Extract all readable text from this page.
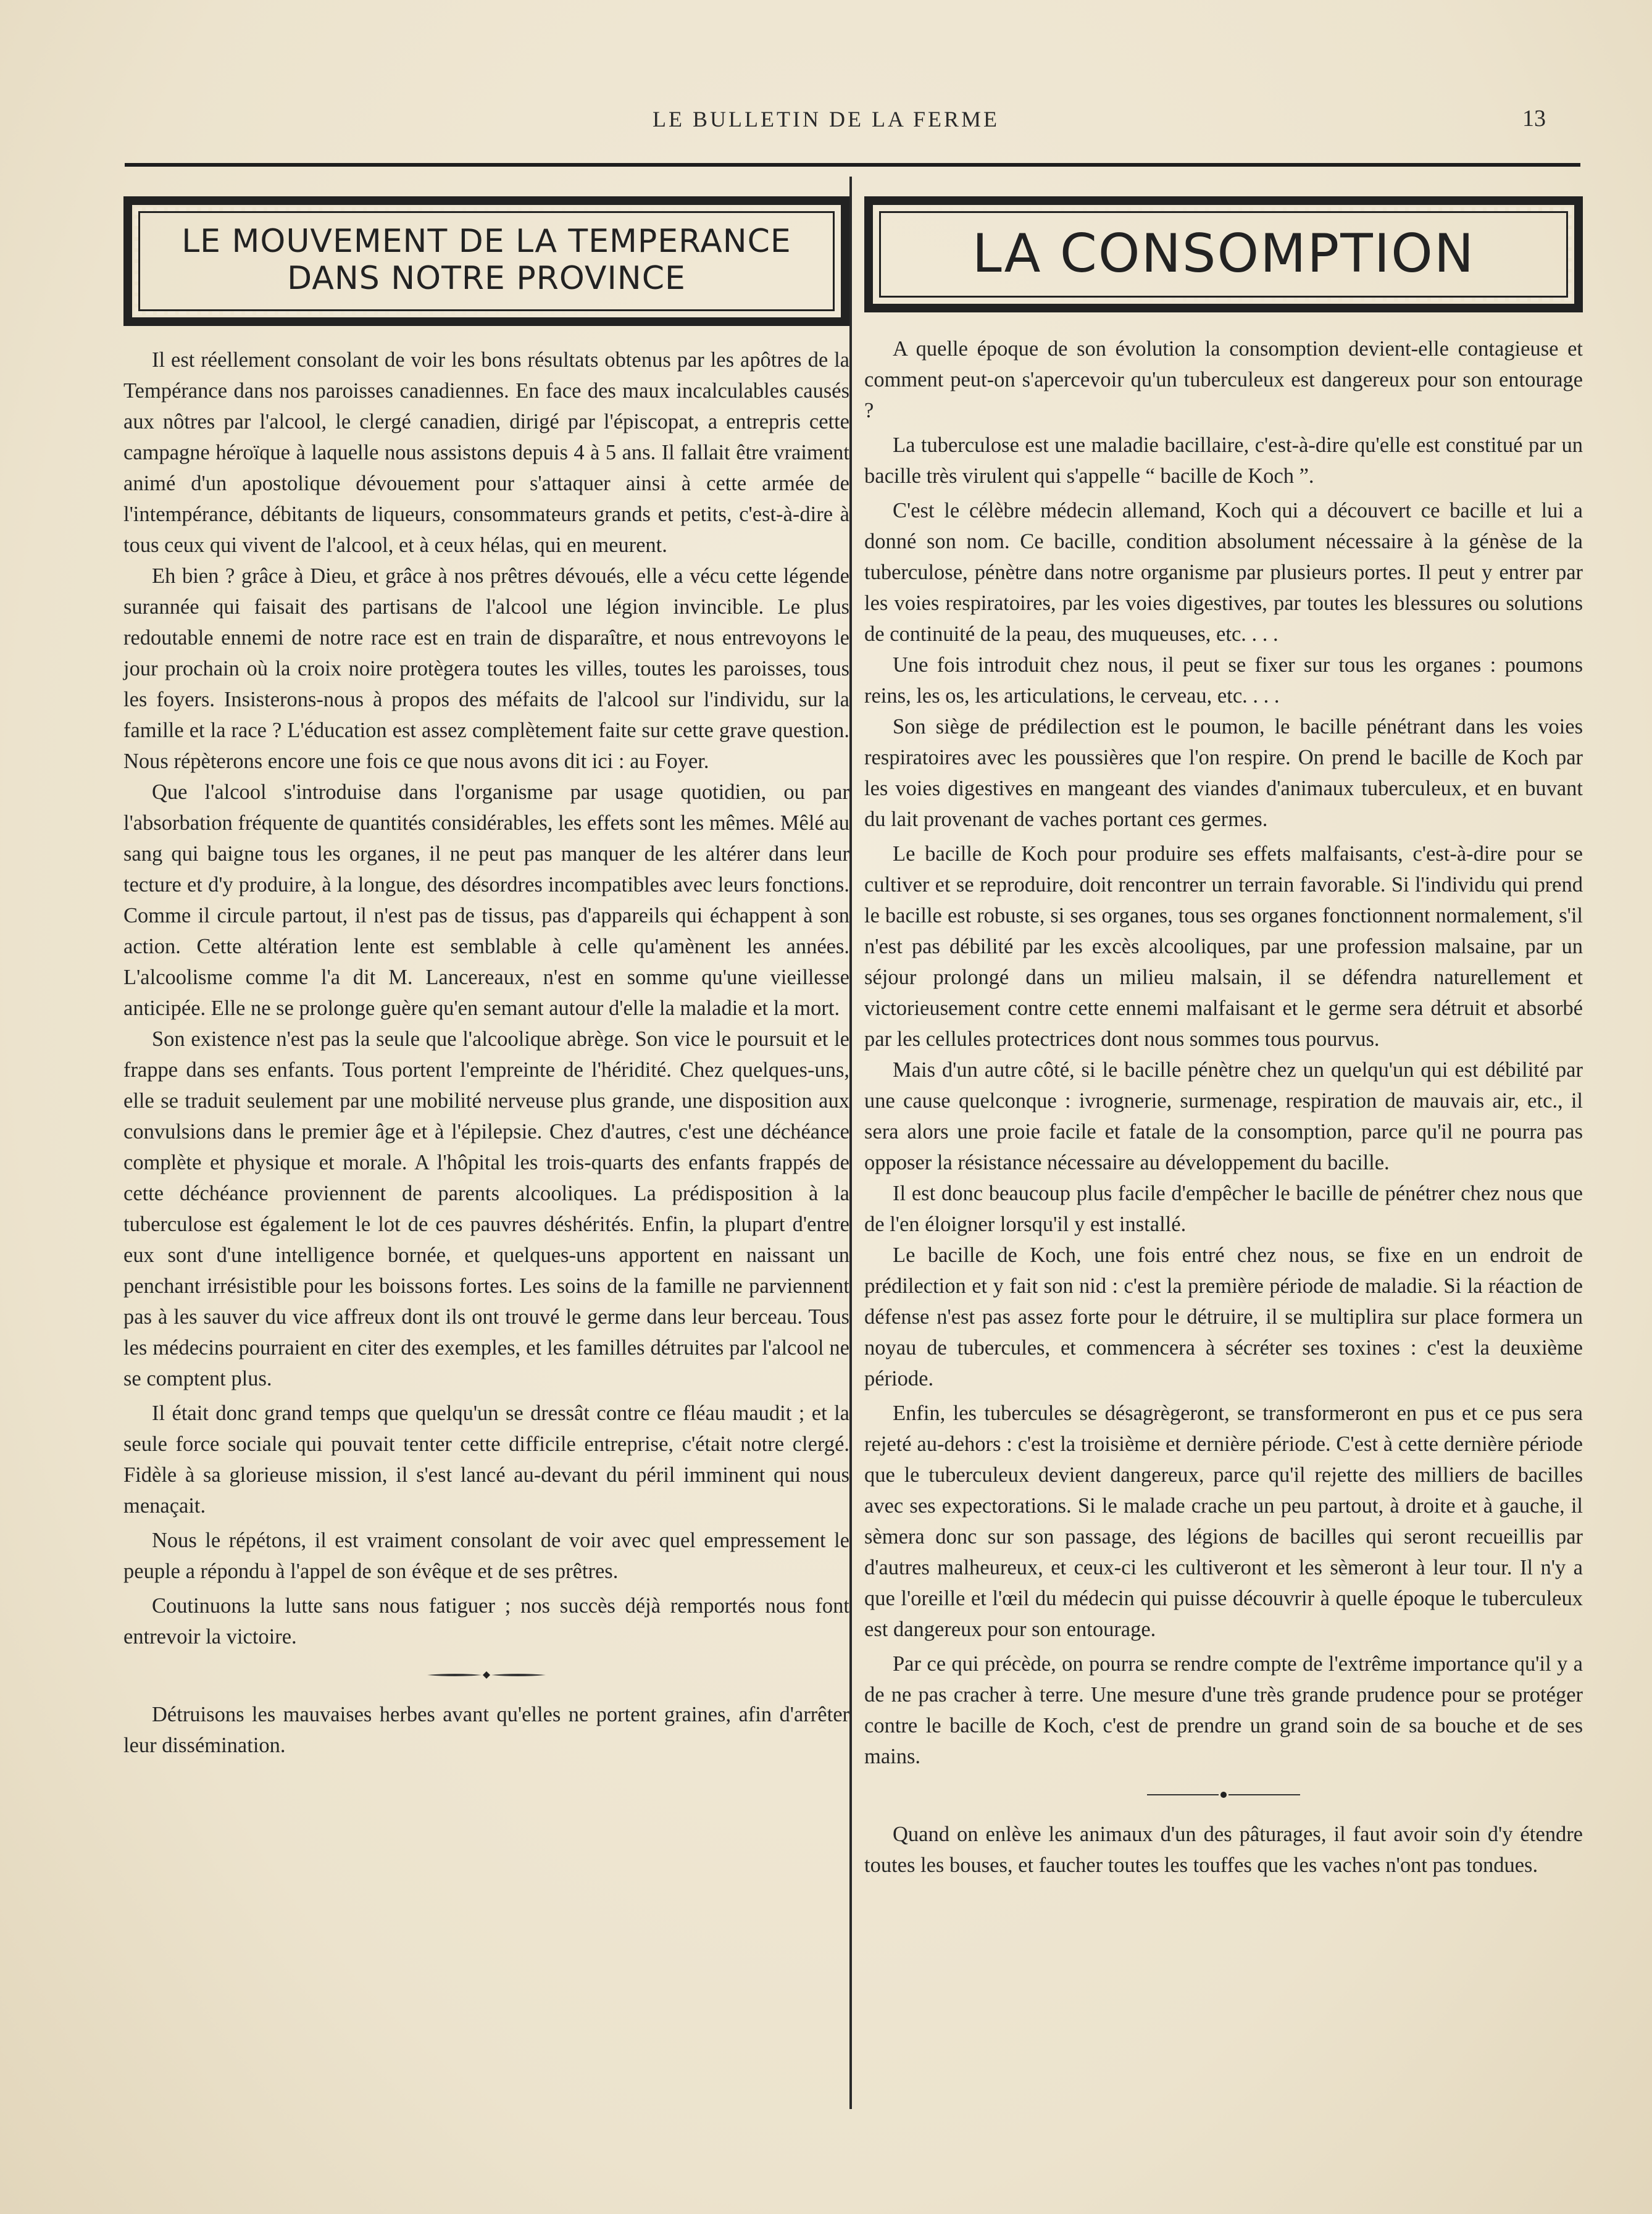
LE BULLETIN DE LA FERME	13
LE MOUVEMENT DE LA TEMPERANCE
DANS NOTRE PROVINCE

Il est réellement consolant de voir les bons résultats obtenus par les apôtres de la Tempérance dans nos paroisses canadiennes. En face des maux incalculables causés aux nôtres par l'alcool, le clergé canadien, dirigé par l'épiscopat, a entrepris cette campagne héroïque à laquelle nous assistons depuis 4 à 5 ans. Il fallait être vraiment animé d'un apostolique dévouement pour s'attaquer ainsi à cette armée de l'intempérance, débitants de liqueurs, consommateurs grands et petits, c'est-à-dire à tous ceux qui vivent de l'alcool, et à ceux hélas, qui en meurent.

Eh bien ? grâce à Dieu, et grâce à nos prêtres dévoués, elle a vécu cette légende surannée qui faisait des partisans de l'alcool une légion invincible. Le plus redoutable ennemi de notre race est en train de disparaître, et nous entrevoyons le jour prochain où la croix noire protègera toutes les villes, toutes les paroisses, tous les foyers. Insisterons-nous à propos des méfaits de l'alcool sur l'individu, sur la famille et la race ? L'éducation est assez complètement faite sur cette grave question. Nous répèterons encore une fois ce que nous avons dit ici : au Foyer.

Que l'alcool s'introduise dans l'organisme par usage quotidien, ou par l'absorbation fréquente de quantités considérables, les effets sont les mêmes. Mêlé au sang qui baigne tous les organes, il ne peut pas manquer de les altérer dans leur tecture et d'y produire, à la longue, des désordres incompatibles avec leurs fonctions. Comme il circule partout, il n'est pas de tissus, pas d'appareils qui échappent à son action. Cette altération lente est semblable à celle qu'amènent les années. L'alcoolisme comme l'a dit M. Lancereaux, n'est en somme qu'une vieillesse anticipée. Elle ne se prolonge guère qu'en semant autour d'elle la maladie et la mort.

Son existence n'est pas la seule que l'alcoolique abrège. Son vice le poursuit et le frappe dans ses enfants. Tous portent l'empreinte de l'héridité. Chez quelques-uns, elle se traduit seulement par une mobilité nerveuse plus grande, une disposition aux convulsions dans le premier âge et à l'épilepsie. Chez d'autres, c'est une déchéance complète et physique et morale. A l'hôpital les trois-quarts des enfants frappés de cette déchéance proviennent de parents alcooliques. La prédisposition à la tuberculose est également le lot de ces pauvres déshérités. Enfin, la plupart d'entre eux sont d'une intelligence bornée, et quelques-uns apportent en naissant un penchant irrésistible pour les boissons fortes. Les soins de la famille ne parviennent pas à les sauver du vice affreux dont ils ont trouvé le germe dans leur berceau. Tous les médecins pourraient en citer des exemples, et les familles détruites par l'alcool ne se comptent plus.

Il était donc grand temps que quelqu'un se dressât contre ce fléau maudit ; et la seule force sociale qui pouvait tenter cette difficile entreprise, c'était notre clergé. Fidèle à sa glorieuse mission, il s'est lancé au-devant du péril imminent qui nous menaçait.

Nous le répétons, il est vraiment consolant de voir avec quel empressement le peuple a répondu à l'appel de son évêque et de ses prêtres.

Coutinuons la lutte sans nous fatiguer ; nos succès déjà remportés nous font entrevoir la victoire.

Détruisons les mauvaises herbes avant qu'elles ne portent graines, afin d'arrêter leur dissémination.

LA CONSOMPTION

A quelle époque de son évolution la consomption devient-elle contagieuse et comment peut-on s'apercevoir qu'un tuberculeux est dangereux pour son entourage ?

La tuberculose est une maladie bacillaire, c'est-à-dire qu'elle est constitué par un bacille très virulent qui s'appelle “ bacille de Koch ”.

C'est le célèbre médecin allemand, Koch qui a découvert ce bacille et lui a donné son nom. Ce bacille, condition absolument nécessaire à la génèse de la tuberculose, pénètre dans notre organisme par plusieurs portes. Il peut y entrer par les voies respiratoires, par les voies digestives, par toutes les blessures ou solutions de continuité de la peau, des muqueuses, etc. . . .

Une fois introduit chez nous, il peut se fixer sur tous les organes : poumons reins, les os, les articulations, le cerveau, etc. . . .

Son siège de prédilection est le poumon, le bacille pénétrant dans les voies respiratoires avec les poussières que l'on respire. On prend le bacille de Koch par les voies digestives en mangeant des viandes d'animaux tuberculeux, et en buvant du lait provenant de vaches portant ces germes.

Le bacille de Koch pour produire ses effets malfaisants, c'est-à-dire pour se cultiver et se reproduire, doit rencontrer un terrain favorable. Si l'individu qui prend le bacille est robuste, si ses organes, tous ses organes fonctionnent normalement, s'il n'est pas débilité par les excès alcooliques, par une profession malsaine, par un séjour prolongé dans un milieu malsain, il se défendra naturellement et victorieusement contre cette ennemi malfaisant et le germe sera détruit et absorbé par les cellules protectrices dont nous sommes tous pourvus.

Mais d'un autre côté, si le bacille pénètre chez un quelqu'un qui est débilité par une cause quelconque : ivrognerie, surmenage, respiration de mauvais air, etc., il sera alors une proie facile et fatale de la consomption, parce qu'il ne pourra pas opposer la résistance nécessaire au développement du bacille.

Il est donc beaucoup plus facile d'empêcher le bacille de pénétrer chez nous que de l'en éloigner lorsqu'il y est installé.

Le bacille de Koch, une fois entré chez nous, se fixe en un endroit de prédilection et y fait son nid : c'est la première période de maladie. Si la réaction de défense n'est pas assez forte pour le détruire, il se multiplira sur place formera un noyau de tubercules, et commencera à sécréter ses toxines : c'est la deuxième période.

Enfin, les tubercules se désagrègeront, se transformeront en pus et ce pus sera rejeté au-dehors : c'est la troisième et dernière période. C'est à cette dernière période que le tuberculeux devient dangereux, parce qu'il rejette des milliers de bacilles avec ses expectorations. Si le malade crache un peu partout, à droite et à gauche, il sèmera donc sur son passage, des légions de bacilles qui seront recueillis par d'autres malheureux, et ceux-ci les cultiveront et les sèmeront à leur tour. Il n'y a que l'oreille et l'œil du médecin qui puisse découvrir à quelle époque le tuberculeux est dangereux pour son entourage.

Par ce qui précède, on pourra se rendre compte de l'extrême importance qu'il y a de ne pas cracher à terre. Une mesure d'une très grande prudence pour se protéger contre le bacille de Koch, c'est de prendre un grand soin de sa bouche et de ses mains.

Quand on enlève les animaux d'un des pâturages, il faut avoir soin d'y étendre toutes les bouses, et faucher toutes les touffes que les vaches n'ont pas tondues.
